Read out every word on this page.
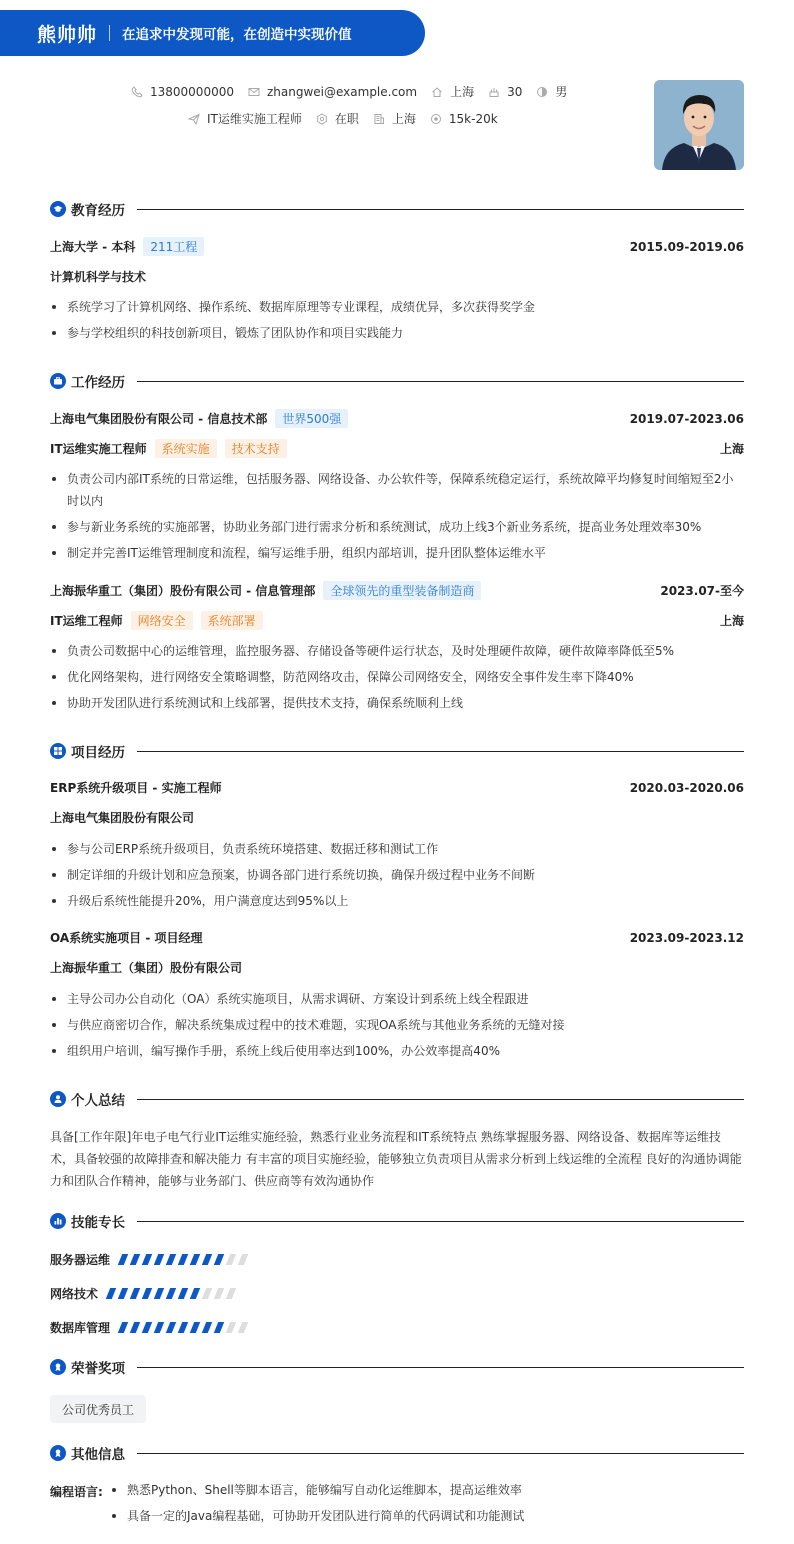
熊帅帅 在追求中发现可能，在创造中实现价值
13800000000	zhangwei@example.com	上海	30	男
IT运维实施工程师	在职	上海	15k-20k
教育经历
上海大学 - 本科	211工程	2015.09-2019.06
计算机科学与技术
系统学习了计算机网络、操作系统、数据库原理等专业课程，成绩优异，多次获得奖学金
参与学校组织的科技创新项目，锻炼了团队协作和项目实践能力
工作经历
上海电气集团股份有限公司 - 信息技术部	世界500强	2019.07-2023.06
IT运维实施工程师	系统实施	技术支持	上海
负责公司内部IT系统的日常运维，包括服务器、网络设备、办公软件等，保障系统稳定运行，系统故障平均修复时间缩短至2小时以内
参与新业务系统的实施部署，协助业务部门进行需求分析和系统测试，成功上线3个新业务系统，提高业务处理效率30%
制定并完善IT运维管理制度和流程，编写运维手册，组织内部培训，提升团队整体运维水平
上海振华重工（集团）股份有限公司 - 信息管理部	全球领先的重型装备制造商	2023.07-至今
IT运维工程师	网络安全	系统部署	上海
负责公司数据中心的运维管理，监控服务器、存储设备等硬件运行状态，及时处理硬件故障，硬件故障率降低至5%
优化网络架构，进行网络安全策略调整，防范网络攻击，保障公司网络安全，网络安全事件发生率下降40%
协助开发团队进行系统测试和上线部署，提供技术支持，确保系统顺利上线
项目经历
ERP系统升级项目 - 实施工程师	2020.03-2020.06
上海电气集团股份有限公司
参与公司ERP系统升级项目，负责系统环境搭建、数据迁移和测试工作
制定详细的升级计划和应急预案，协调各部门进行系统切换，确保升级过程中业务不间断
升级后系统性能提升20%，用户满意度达到95%以上
OA系统实施项目 - 项目经理	2023.09-2023.12
上海振华重工（集团）股份有限公司
主导公司办公自动化（OA）系统实施项目，从需求调研、方案设计到系统上线全程跟进
与供应商密切合作，解决系统集成过程中的技术难题，实现OA系统与其他业务系统的无缝对接
组织用户培训，编写操作手册，系统上线后使用率达到100%，办公效率提高40%
个人总结
具备[工作年限]年电子电气行业IT运维实施经验，熟悉行业业务流程和IT系统特点 熟练掌握服务器、网络设备、数据库等运维技术，具备较强的故障排查和解决能力 有丰富的项目实施经验，能够独立负责项目从需求分析到上线运维的全流程 良好的沟通协调能力和团队合作精神，能够与业务部门、供应商等有效沟通协作
技能专长
服务器运维
网络技术
数据库管理
荣誉奖项
公司优秀员工
其他信息
编程语言:	熟悉Python、Shell等脚本语言，能够编写自动化运维脚本，提高运维效率
具备一定的Java编程基础，可协助开发团队进行简单的代码调试和功能测试
